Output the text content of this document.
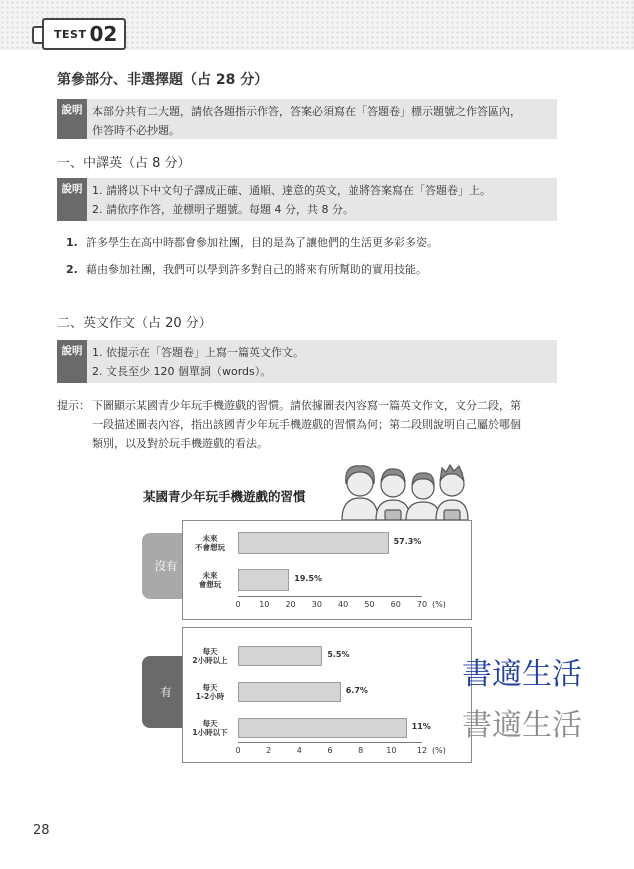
TEST 02
第參部分、非選擇題（占 28 分）
說明 本部分共有二大題，請依各題指示作答，答案必須寫在「答題卷」標示題號之作答區內，
作答時不必抄題。
一、中譯英（占 8 分）
說明 1. 請將以下中文句子譯成正確、通順、達意的英文，並將答案寫在「答題卷」上。
2. 請依序作答，並標明子題號。每題 4 分，共 8 分。
1. 許多學生在高中時都會參加社團，目的是為了讓他們的生活更多彩多姿。
2. 藉由參加社團，我們可以學到許多對自己的將來有所幫助的實用技能。
二、英文作文（占 20 分）
說明 1. 依提示在「答題卷」上寫一篇英文作文。
2. 文長至少 120 個單詞（words）。
提示： 下圖顯示某國青少年玩手機遊戲的習慣。請依據圖表內容寫一篇英文作文，文分二段，第
一段描述圖表內容，指出該國青少年玩手機遊戲的習慣為何；第二段則說明自己屬於哪個
類別，以及對於玩手機遊戲的看法。
某國青少年玩手機遊戲的習慣
沒有
未來
不會想玩
57.3%
未來
會想玩
19.5%
0 10 20 30 40 50 60 70 (%)
有
每天
2小時以上
5.5%
每天
1-2小時
6.7%
每天
1小時以下
11%
0	2	4	6	8	10	12 (%)
書適生活
書適生活
28
